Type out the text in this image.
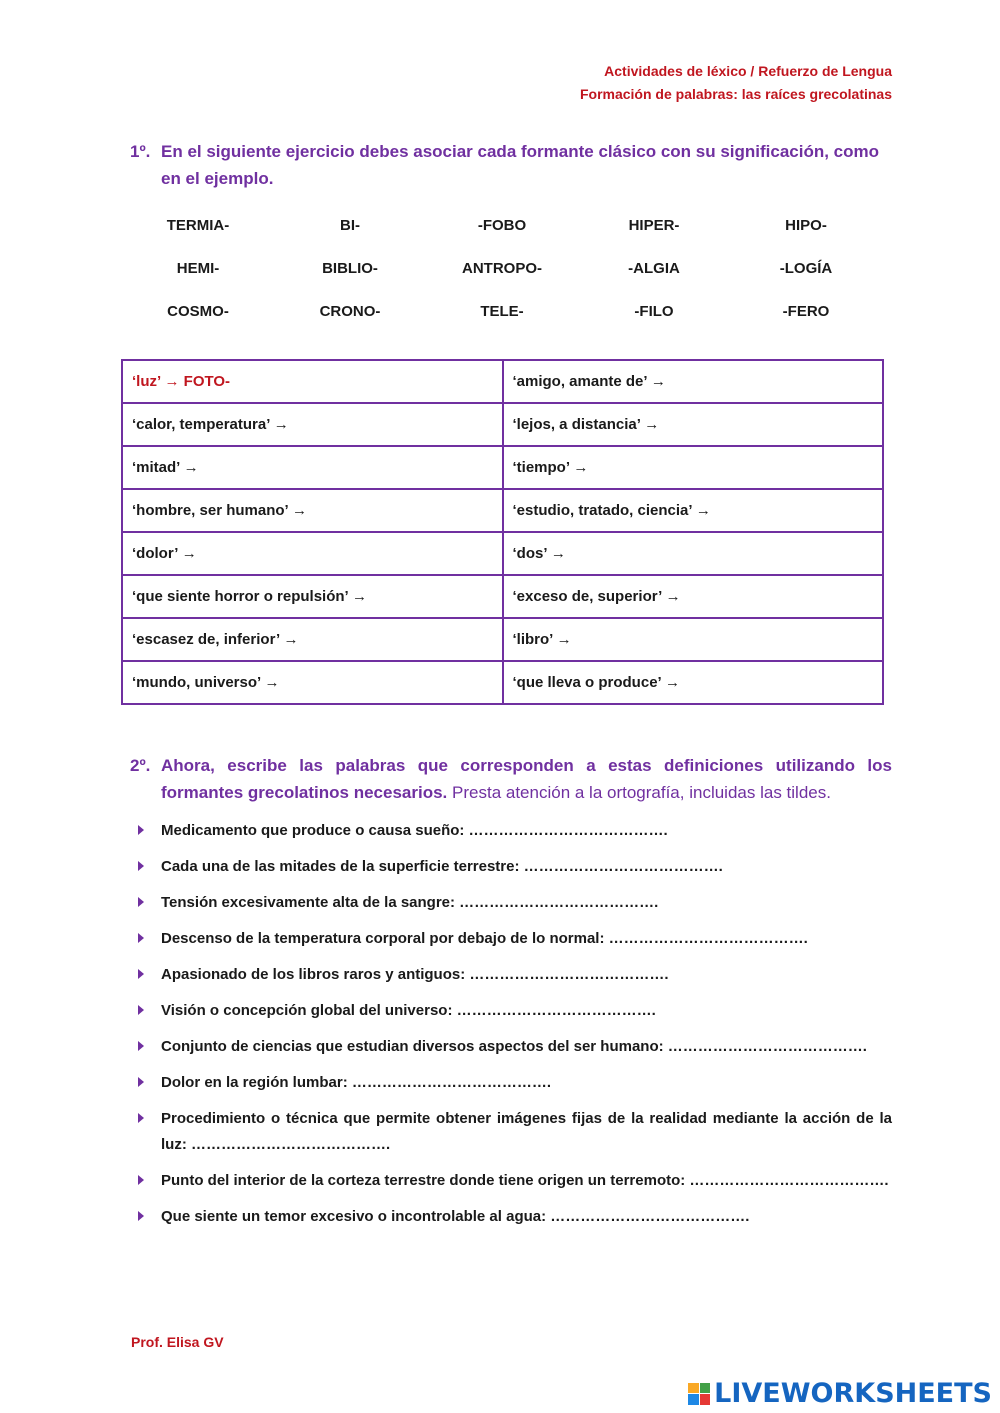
Actividades de léxico / Refuerzo de Lengua
Formación de palabras: las raíces grecolatinas
1º. En el siguiente ejercicio debes asociar cada formante clásico con su significación, como en el ejemplo.
TERMIA-	BI-	-FOBO	HIPER-	HIPO-
HEMI-	BIBLIO-	ANTROPO-	-ALGIA	-LOGÍA
COSMO-	CRONO-	TELE-	-FILO	-FERO
‘luz’ → FOTO-	‘amigo, amante de’ →
‘calor, temperatura’ →	‘lejos, a distancia’ →
‘mitad’ →	‘tiempo’ →
‘hombre, ser humano’ →	‘estudio, tratado, ciencia’ →
‘dolor’ →	‘dos’ →
‘que siente horror o repulsión’ →	‘exceso de, superior’ →
‘escasez de, inferior’ →	‘libro’ →
‘mundo, universo’ →	‘que lleva o produce’ →
2º. Ahora, escribe las palabras que corresponden a estas definiciones utilizando los formantes grecolatinos necesarios. Presta atención a la ortografía, incluidas las tildes.
Medicamento que produce o causa sueño: ………………………………….
Cada una de las mitades de la superficie terrestre: ………………………………….
Tensión excesivamente alta de la sangre: ………………………………….
Descenso de la temperatura corporal por debajo de lo normal: ………………………………….
Apasionado de los libros raros y antiguos: ………………………………….
Visión o concepción global del universo: ………………………………….
Conjunto de ciencias que estudian diversos aspectos del ser humano: ………………………………….
Dolor en la región lumbar: ………………………………….
Procedimiento o técnica que permite obtener imágenes fijas de la realidad mediante la acción de la luz: ………………………………….
Punto del interior de la corteza terrestre donde tiene origen un terremoto: ………………………………….
Que siente un temor excesivo o incontrolable al agua: ………………………………….
Prof. Elisa GV
LIVEWORKSHEETS
